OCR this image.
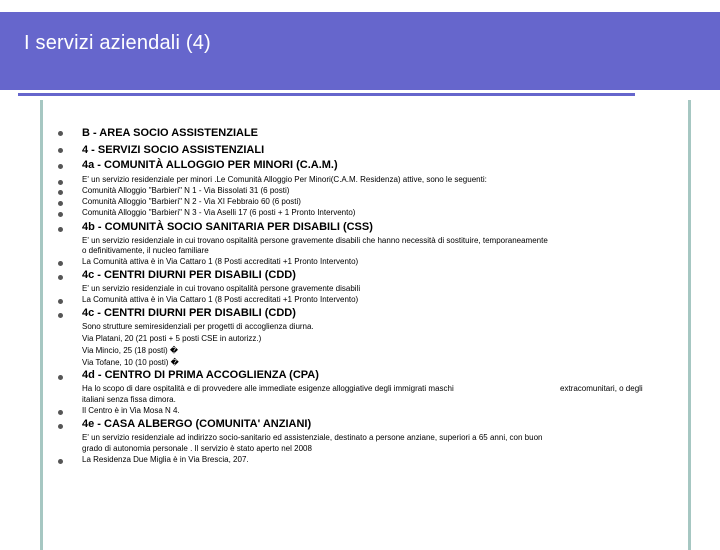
I servizi aziendali (4)
B - AREA SOCIO ASSISTENZIALE
4 - SERVIZI SOCIO ASSISTENZIALI
4a - COMUNITÀ ALLOGGIO PER MINORI (C.A.M.)
E' un servizio residenziale per minori .Le Comunità Alloggio Per Minori(C.A.M. Residenza) attive, sono le seguenti:
Comunità Alloggio "Barbieri" N 1 - Via Bissolati 31 (6 posti)
Comunità Alloggio "Barbieri" N 2 - Via XI Febbraio 60 (6 posti)
Comunità Alloggio "Barbieri" N 3 - Via Aselli 17 (6 posti + 1 Pronto Intervento)
4b - COMUNITÀ SOCIO SANITARIA PER DISABILI (CSS)
E' un servizio residenziale in cui trovano ospitalità persone gravemente disabili che hanno necessità di sostituire, temporaneamente
o definitivamente, il nucleo familiare
La Comunità attiva è in Via Cattaro 1 (8 Posti accreditati +1 Pronto Intervento)
4c - CENTRI DIURNI PER DISABILI (CDD)
E' un servizio residenziale in cui trovano ospitalità persone gravemente disabili
La Comunità attiva è in Via Cattaro 1 (8 Posti accreditati +1 Pronto Intervento)
4c - CENTRI DIURNI PER DISABILI (CDD)
Sono strutture semiresidenziali per progetti di accoglienza diurna.
Via Platani, 20 (21 posti + 5 posti CSE in autorizz.)
Via Mincio, 25 (18 posti) �
Via Tofane, 10 (10 posti) �
4d - CENTRO DI PRIMA ACCOGLIENZA (CPA)
Ha lo scopo di dare ospitalità e di provvedere alle immediate esigenze alloggiative degli immigrati maschi	extracomunitari, o degli
italiani senza fissa dimora.
Il Centro è in Via Mosa N 4.
4e - CASA ALBERGO (COMUNITA' ANZIANI)
E' un servizio residenziale ad indirizzo socio-sanitario ed assistenziale, destinato a persone anziane, superiori a 65 anni, con buon
grado di autonomia personale . Il servizio è stato aperto nel 2008
La Residenza Due Miglia è in Via Brescia, 207.
